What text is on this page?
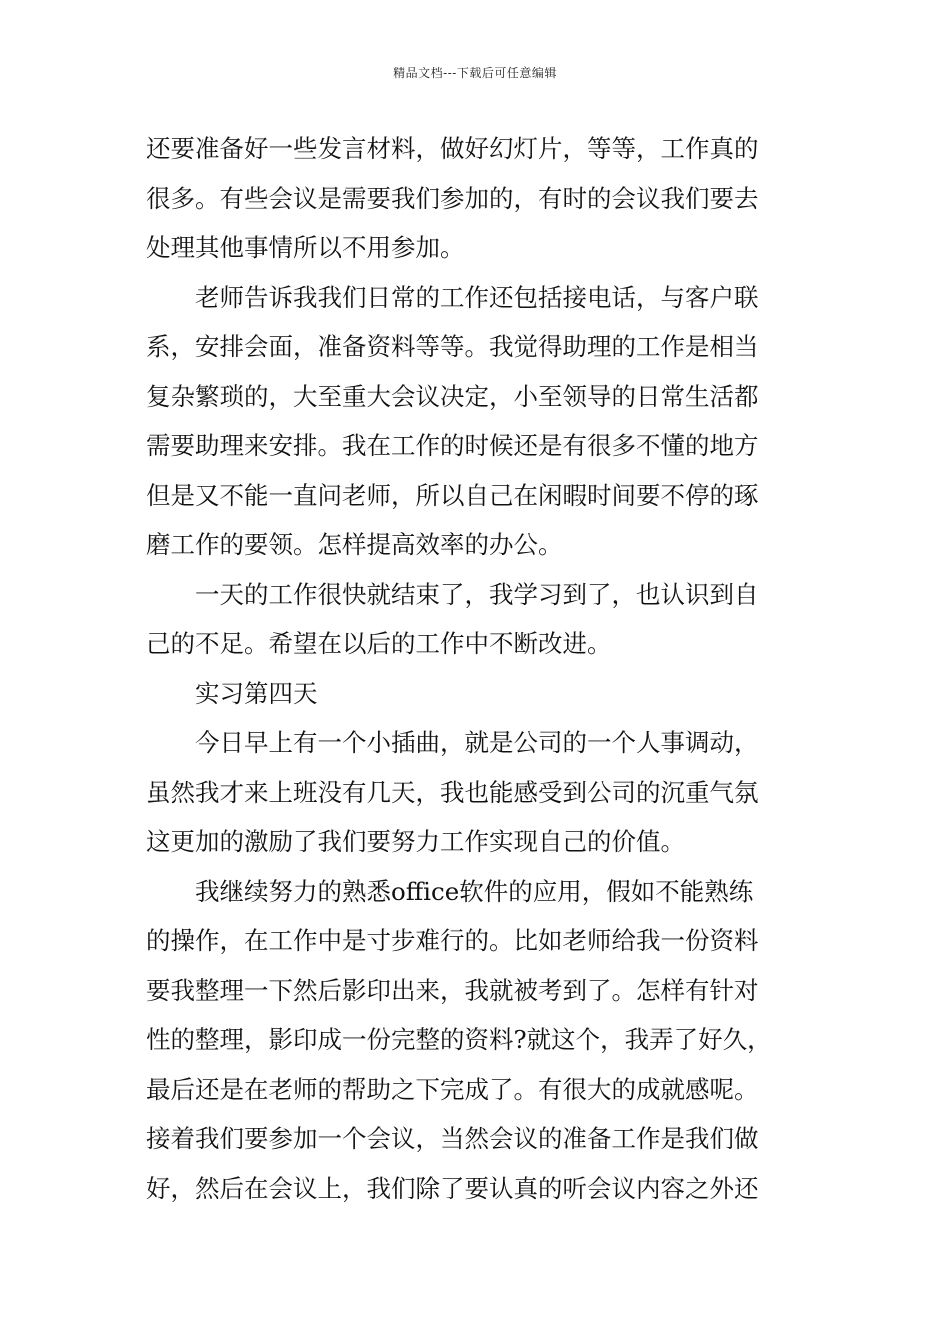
精品文档---下载后可任意编辑
还要准备好一些发言材料，做好幻灯片，等等，工作真的
很多。有些会议是需要我们参加的，有时的会议我们要去
处理其他事情所以不用参加。
老师告诉我我们日常的工作还包括接电话，与客户联
系，安排会面，准备资料等等。我觉得助理的工作是相当
复杂繁琐的，大至重大会议决定，小至领导的日常生活都
需要助理来安排。我在工作的时候还是有很多不懂的地方
但是又不能一直问老师，所以自己在闲暇时间要不停的琢
磨工作的要领。怎样提高效率的办公。
一天的工作很快就结束了，我学习到了，也认识到自
己的不足。希望在以后的工作中不断改进。
实习第四天
今日早上有一个小插曲，就是公司的一个人事调动，
虽然我才来上班没有几天，我也能感受到公司的沉重气氛
这更加的激励了我们要努力工作实现自己的价值。
我继续努力的熟悉office软件的应用，假如不能熟练
的操作，在工作中是寸步难行的。比如老师给我一份资料
要我整理一下然后影印出来，我就被考到了。怎样有针对
性的整理，影印成一份完整的资料?就这个，我弄了好久，
最后还是在老师的帮助之下完成了。有很大的成就感呢。
接着我们要参加一个会议，当然会议的准备工作是我们做
好，然后在会议上，我们除了要认真的听会议内容之外还
